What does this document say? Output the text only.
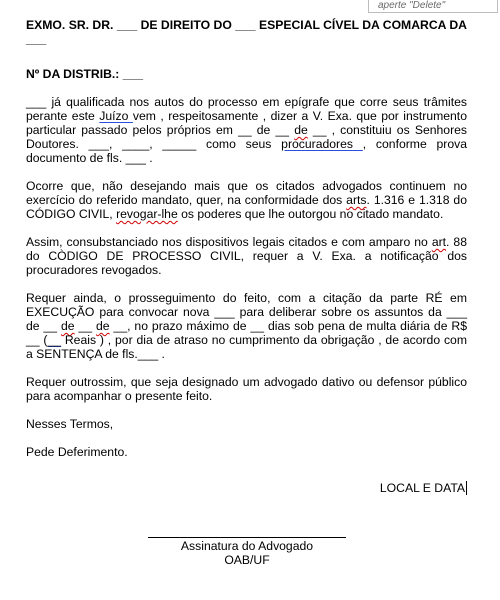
aperte "Delete"

EXMO. SR. DR. ___ DE DIREITO DO ___ ESPECIAL CÍVEL DA COMARCA DA

___

Nº DA DISTRIB.: ___

___ já qualificada nos autos do processo em epígrafe que corre seus trâmites perante este Juízo vem , respeitosamente , dizer a V. Exa. que por instrumento particular passado pelos próprios em __ de __ de __ , constituiu os Senhores Doutores. ___, ____, _____ como seus procuradores , conforme prova documento de fls. ___ .

Ocorre que, não desejando mais que os citados advogados continuem no exercício do referido mandato, quer, na conformidade dos arts. 1.316 e 1.318 do CÓDIGO CIVIL, revogar-lhe os poderes que lhe outorgou no citado mandato.

Assim, consubstanciado nos dispositivos legais citados e com amparo no art. 88 do CÒDIGO DE PROCESSO CIVIL, requer a V. Exa. a notificação dos procuradores revogados.

Requer ainda, o prosseguimento do feito, com a citação da parte RÉ em EXECUÇÃO para convocar nova ___ para deliberar sobre os assuntos da ___ de __ de __ de __, no prazo máximo de __ dias sob pena de multa diária de R$ __ (__ Reais ) , por dia de atraso no cumprimento da obrigação , de acordo com a SENTENÇA de fls.___ .

Requer outrossim, que seja designado um advogado dativo ou defensor público para acompanhar o presente feito.

Nesses Termos,

Pede Deferimento.

LOCAL E DATA

Assinatura do Advogado
OAB/UF
